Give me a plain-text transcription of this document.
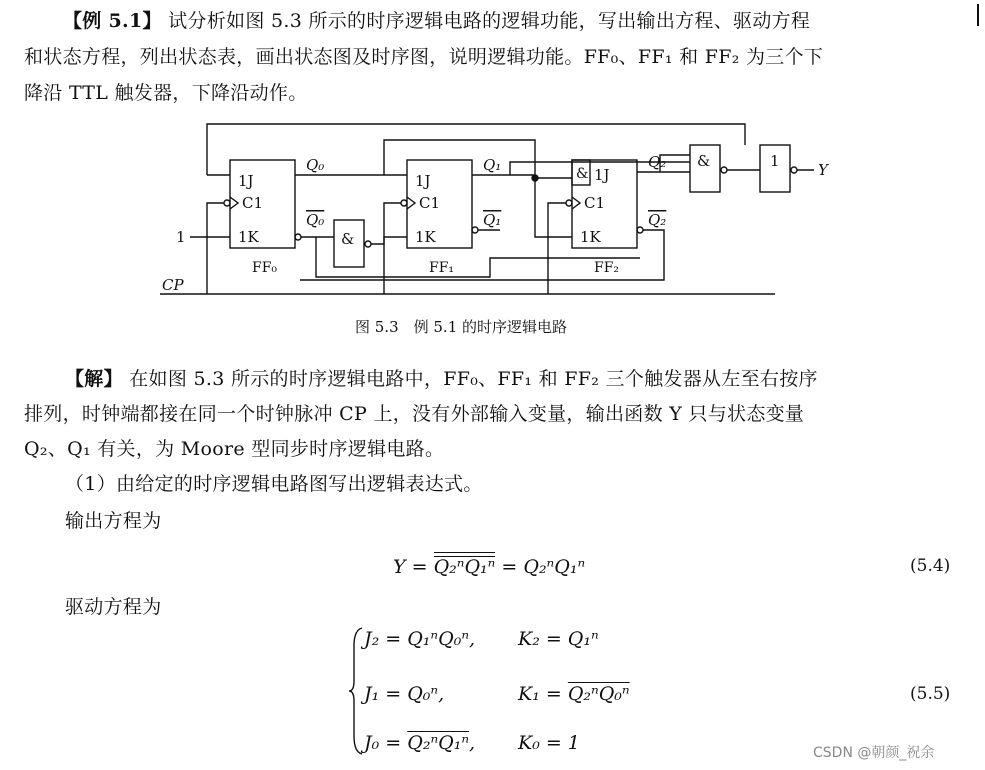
【例 5.1】 试分析如图 5.3 所示的时序逻辑电路的逻辑功能，写出输出方程、驱动方程
和状态方程，列出状态表，画出状态图及时序图，说明逻辑功能。FF₀、FF₁ 和 FF₂ 为三个下
降沿 TTL 触发器，下降沿动作。
1J
C1
1K
1J
C1
1K
1J
C1
1K
FF₀	FF₁	FF₂
Q₀	Q₁	Q₂
Q₀	Q₁	Q₂
&
&
&	1	Y
CP
1
图 5.3　例 5.1 的时序逻辑电路
【解】 在如图 5.3 所示的时序逻辑电路中，FF₀、FF₁ 和 FF₂ 三个触发器从左至右按序
排列，时钟端都接在同一个时钟脉冲 CP 上，没有外部输入变量，输出函数 Y 只与状态变量
Q₂、Q₁ 有关，为 Moore 型同步时序逻辑电路。
（1）由给定的时序逻辑电路图写出逻辑表达式。
输出方程为
Y = Q₂ⁿQ₁ⁿ = Q₂ⁿQ₁ⁿ	(5.4)
驱动方程为
J₂ = Q₁ⁿQ₀ⁿ, K₂ = Q₁ⁿ
J₁ = Q₀ⁿ,	K₁ = Q₂ⁿQ₀ⁿ	(5.5)
J₀ = Q₂ⁿQ₁ⁿ, K₀ = 1	CSDN @朝颜_祝余
